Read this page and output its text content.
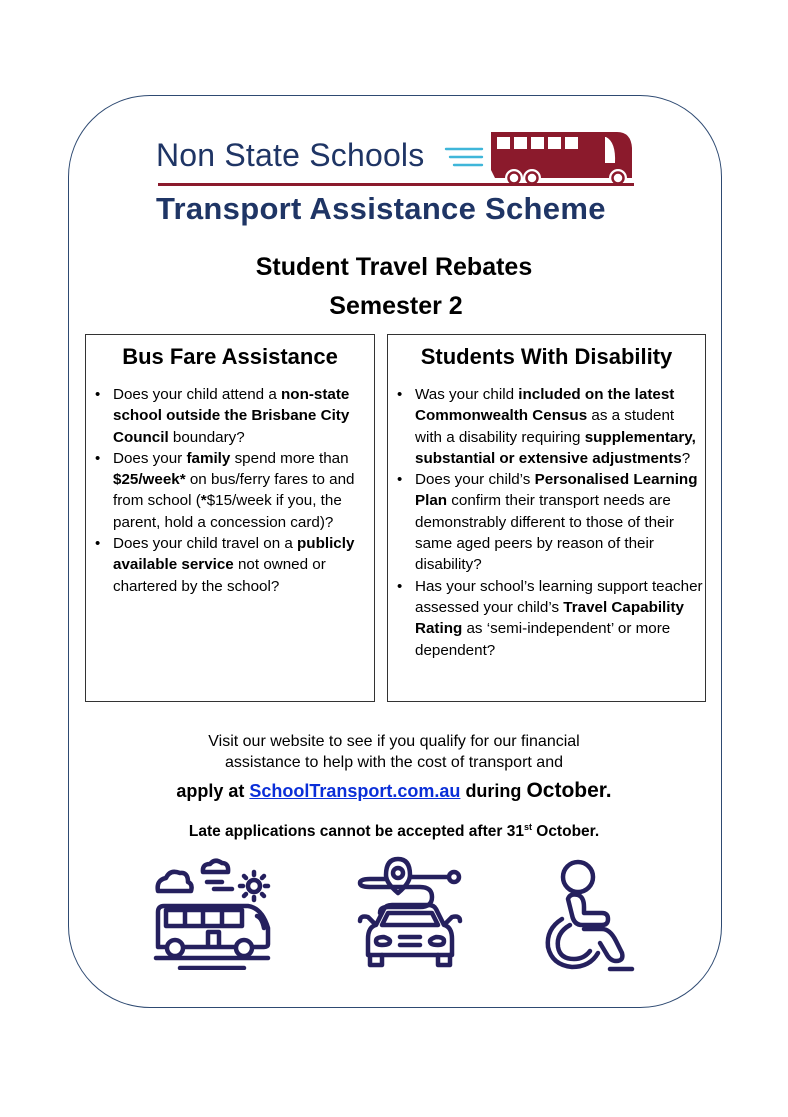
Non State Schools
Transport Assistance Scheme
Student Travel Rebates
Semester 2
Bus Fare Assistance
• Does your child attend a non-state school outside the Brisbane City Council boundary?
• Does your family spend more than $25/week* on bus/ferry fares to and from school (*$15/week if you, the parent, hold a concession card)?
• Does your child travel on a publicly available service not owned or chartered by the school?
Students With Disability
• Was your child included on the latest Commonwealth Census as a student with a disability requiring supplementary, substantial or extensive adjustments?
• Does your child’s Personalised Learning Plan confirm their transport needs are demonstrably different to those of their same aged peers by reason of their disability?
• Has your school’s learning support teacher assessed your child’s Travel Capability Rating as ‘semi-independent’ or more dependent?
Visit our website to see if you qualify for our financial
assistance to help with the cost of transport and
apply at SchoolTransport.com.au during October.
Late applications cannot be accepted after 31st October.
